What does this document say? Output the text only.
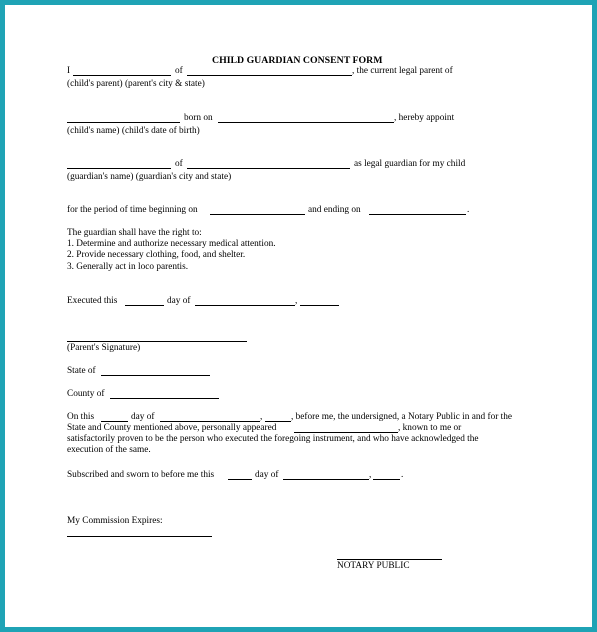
CHILD GUARDIAN CONSENT FORM
I	of	, the current legal parent of
(child's parent) (parent's city & state)
born on	, hereby appoint
(child's name) (child's date of birth)
of	as legal guardian for my child
(guardian's name) (guardian's city and state)
for the period of time beginning on	and ending on	.
The guardian shall have the right to:
1. Determine and authorize necessary medical attention.
2. Provide necessary clothing, food, and shelter.
3. Generally act in loco parentis.
Executed this	day of	,
(Parent's Signature)
State of
County of
On this	day of	,	, before me, the undersigned, a Notary Public in and for the
State and County mentioned above, personally appeared	, known to me or
satisfactorily proven to be the person who executed the foregoing instrument, and who have acknowledged the
execution of the same.
Subscribed and sworn to before me this	day of	,	.
My Commission Expires:
NOTARY PUBLIC
